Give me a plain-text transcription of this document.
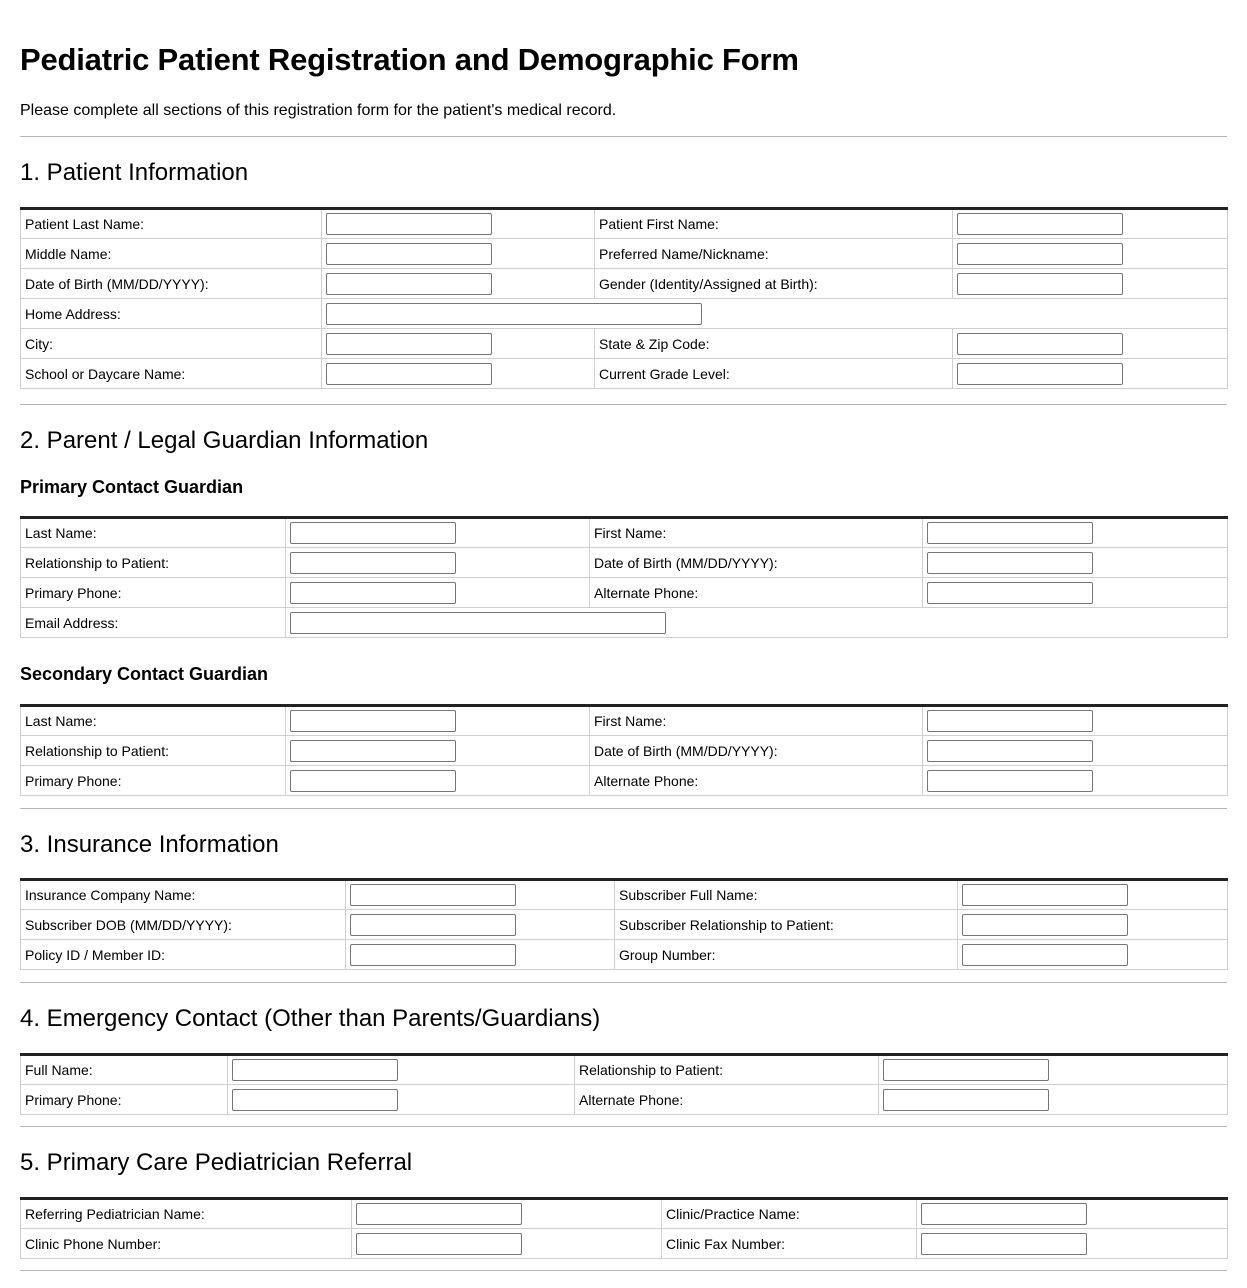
Pediatric Patient Registration and Demographic Form
Please complete all sections of this registration form for the patient's medical record.
1. Patient Information
Patient Last Name:		Patient First Name:	

Middle Name:		Preferred Name/Nickname:	

Date of Birth (MM/DD/YYYY):		Gender (Identity/Assigned at Birth):	

Home Address:	

City:		State & Zip Code:	

School or Daycare Name:		Current Grade Level:	
2. Parent / Legal Guardian Information
Primary Contact Guardian
Last Name:		First Name:	

Relationship to Patient:		Date of Birth (MM/DD/YYYY):	

Primary Phone:		Alternate Phone:	

Email Address:	
Secondary Contact Guardian
Last Name:		First Name:	

Relationship to Patient:		Date of Birth (MM/DD/YYYY):	

Primary Phone:		Alternate Phone:	
3. Insurance Information
Insurance Company Name:		Subscriber Full Name:	

Subscriber DOB (MM/DD/YYYY):		Subscriber Relationship to Patient:	

Policy ID / Member ID:		Group Number:	
4. Emergency Contact (Other than Parents/Guardians)
Full Name:		Relationship to Patient:	

Primary Phone:		Alternate Phone:	
5. Primary Care Pediatrician Referral
Referring Pediatrician Name:		Clinic/Practice Name:	

Clinic Phone Number:		Clinic Fax Number:	
